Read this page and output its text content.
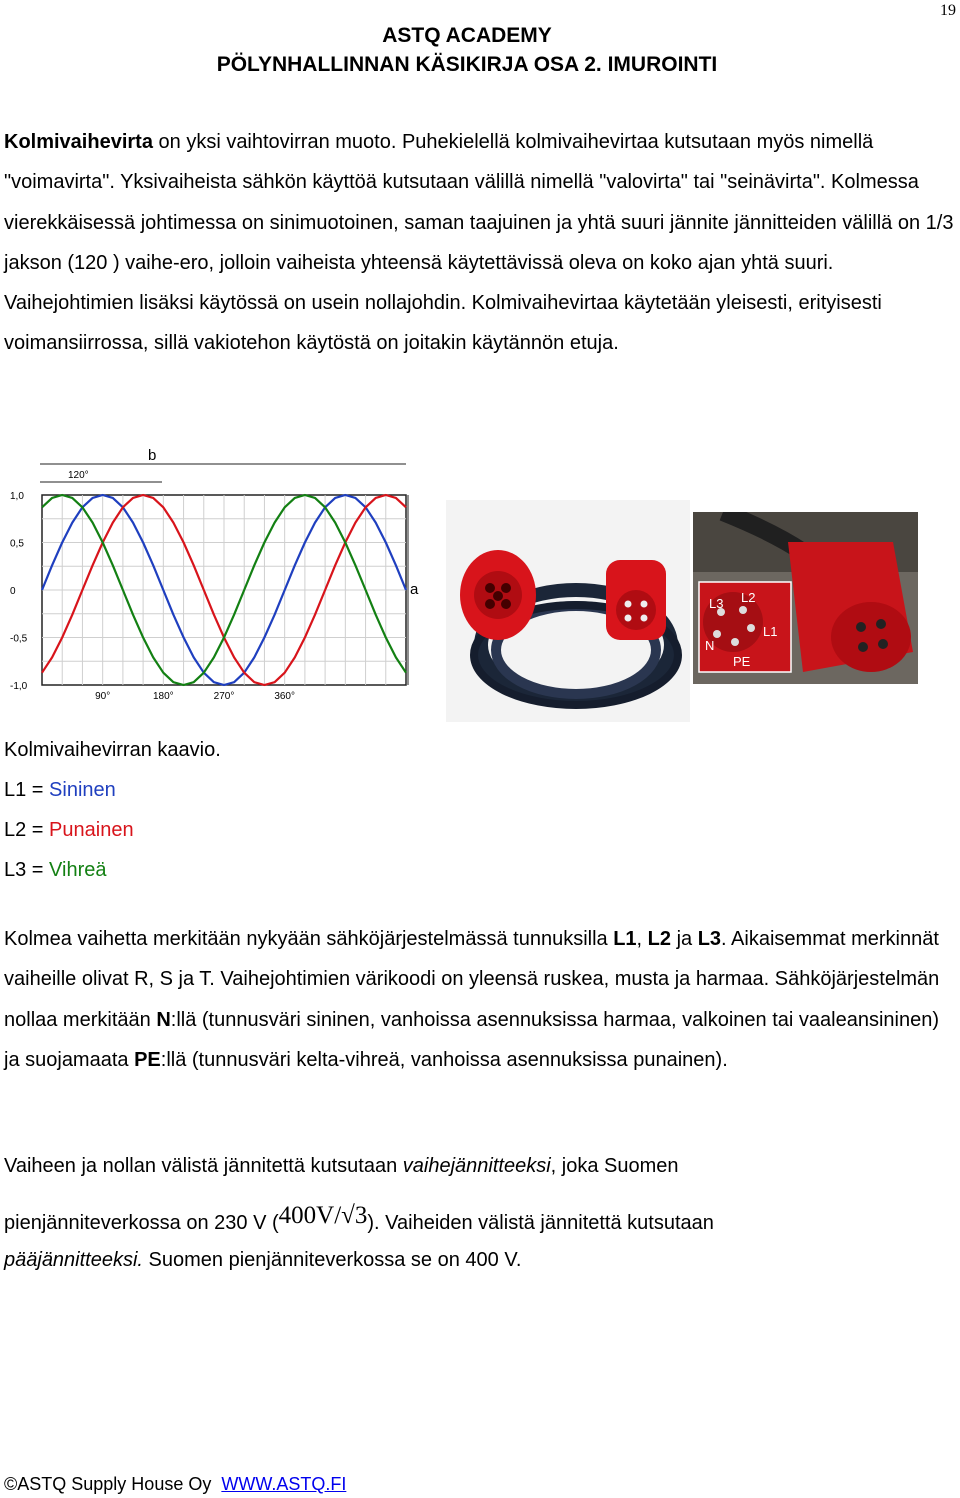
19
ASTQ ACADEMY
PÖLYNHALLINNAN KÄSIKIRJA OSA 2. IMUROINTI
Kolmivaihevirta on yksi vaihtovirran muoto. Puhekielellä kolmivaihevirtaa kutsutaan myös nimellä "voimavirta". Yksivaiheista sähkön käyttöä kutsutaan välillä nimellä "valovirta" tai "seinävirta". Kolmessa vierekkäisessä johtimessa on sinimuotoinen, saman taajuinen ja yhtä suuri jännite jännitteiden välillä on 1/3 jakson (120 ) vaihe-ero, jolloin vaiheista yhteensä käytettävissä oleva on koko ajan yhtä suuri. Vaihejohtimien lisäksi käytössä on usein nollajohdin. Kolmivaihevirtaa käytetään yleisesti, erityisesti voimansiirrossa, sillä vakiotehon käytöstä on joitakin käytännön etuja.
1,0
0,5
0
-0,5
-1,0
90°	180°	270°	360°
b
120°
a
L3 L2
L1
N
PE
Kolmivaihevirran kaavio.
L1 = Sininen
L2 = Punainen
L3 = Vihreä
Kolmea vaihetta merkitään nykyään sähköjärjestelmässä tunnuksilla L1, L2 ja L3. Aikaisemmat merkinnät vaiheille olivat R, S ja T. Vaihejohtimien värikoodi on yleensä ruskea, musta ja harmaa. Sähköjärjestelmän nollaa merkitään N:llä (tunnusväri sininen, vanhoissa asennuksissa harmaa, valkoinen tai vaaleansininen) ja suojamaata PE:llä (tunnusväri kelta-vihreä, vanhoissa asennuksissa punainen).
Vaiheen ja nollan välistä jännitettä kutsutaan vaihejännitteeksi, joka Suomen
pienjänniteverkossa on 230 V (400V/√3). Vaiheiden välistä jännitettä kutsutaan
pääjännitteeksi. Suomen pienjänniteverkossa se on 400 V.
©ASTQ Supply House Oy WWW.ASTQ.FI
